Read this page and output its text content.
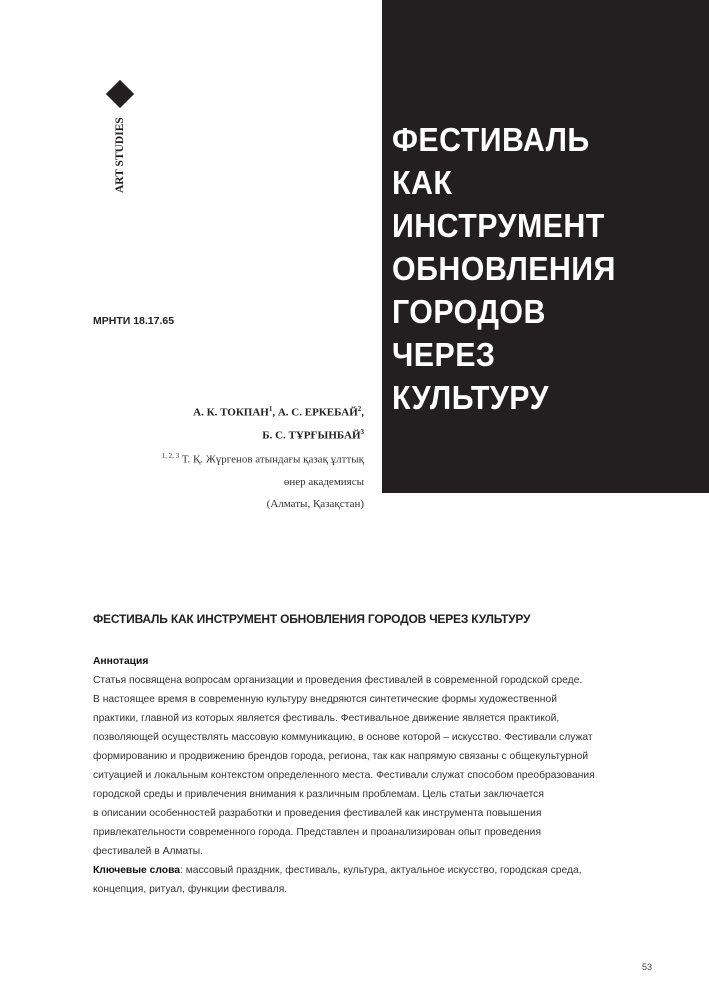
ФЕСТИВАЛЬ
КАК
ИНСТРУМЕНТ
ОБНОВЛЕНИЯ
ГОРОДОВ
ЧЕРЕЗ
КУЛЬТУРУ
ART STUDIES
МРНТИ 18.17.65
А. К. ТОКПАН$^1$, А. С. ЕРКЕБАЙ$^2$,
Б. С. ТҰРҒЫНБАЙ$^3$
$^{1, 2, 3}$ Т. Қ. Жүргенов атындағы қазақ ұлттық
өнер академиясы
(Алматы, Қазақстан)
ФЕСТИВАЛЬ КАК ИНСТРУМЕНТ ОБНОВЛЕНИЯ ГОРОДОВ ЧЕРЕЗ КУЛЬТУРУ
Аннотация
Статья посвящена вопросам организации и проведения фестивалей в современной городской среде.
В настоящее время в современную культуру внедряются синтетические формы художественной
практики, главной из которых является фестиваль. Фестивальное движение является практикой,
позволяющей осуществлять массовую коммуникацию, в основе которой – искусство. Фестивали служат
формированию и продвижению брендов города, региона, так как напрямую связаны с общекультурной
ситуацией и локальным контекстом определенного места. Фестивали служат способом преобразования
городской среды и привлечения внимания к различным проблемам. Цель статьи заключается
в описании особенностей разработки и проведения фестивалей как инструмента повышения
привлекательности современного города. Представлен и проанализирован опыт проведения
фестивалей в Алматы.
Ключевые слова: массовый праздник, фестиваль, культура, актуальное искусство, городская среда,
концепция, ритуал, функции фестиваля.
53
